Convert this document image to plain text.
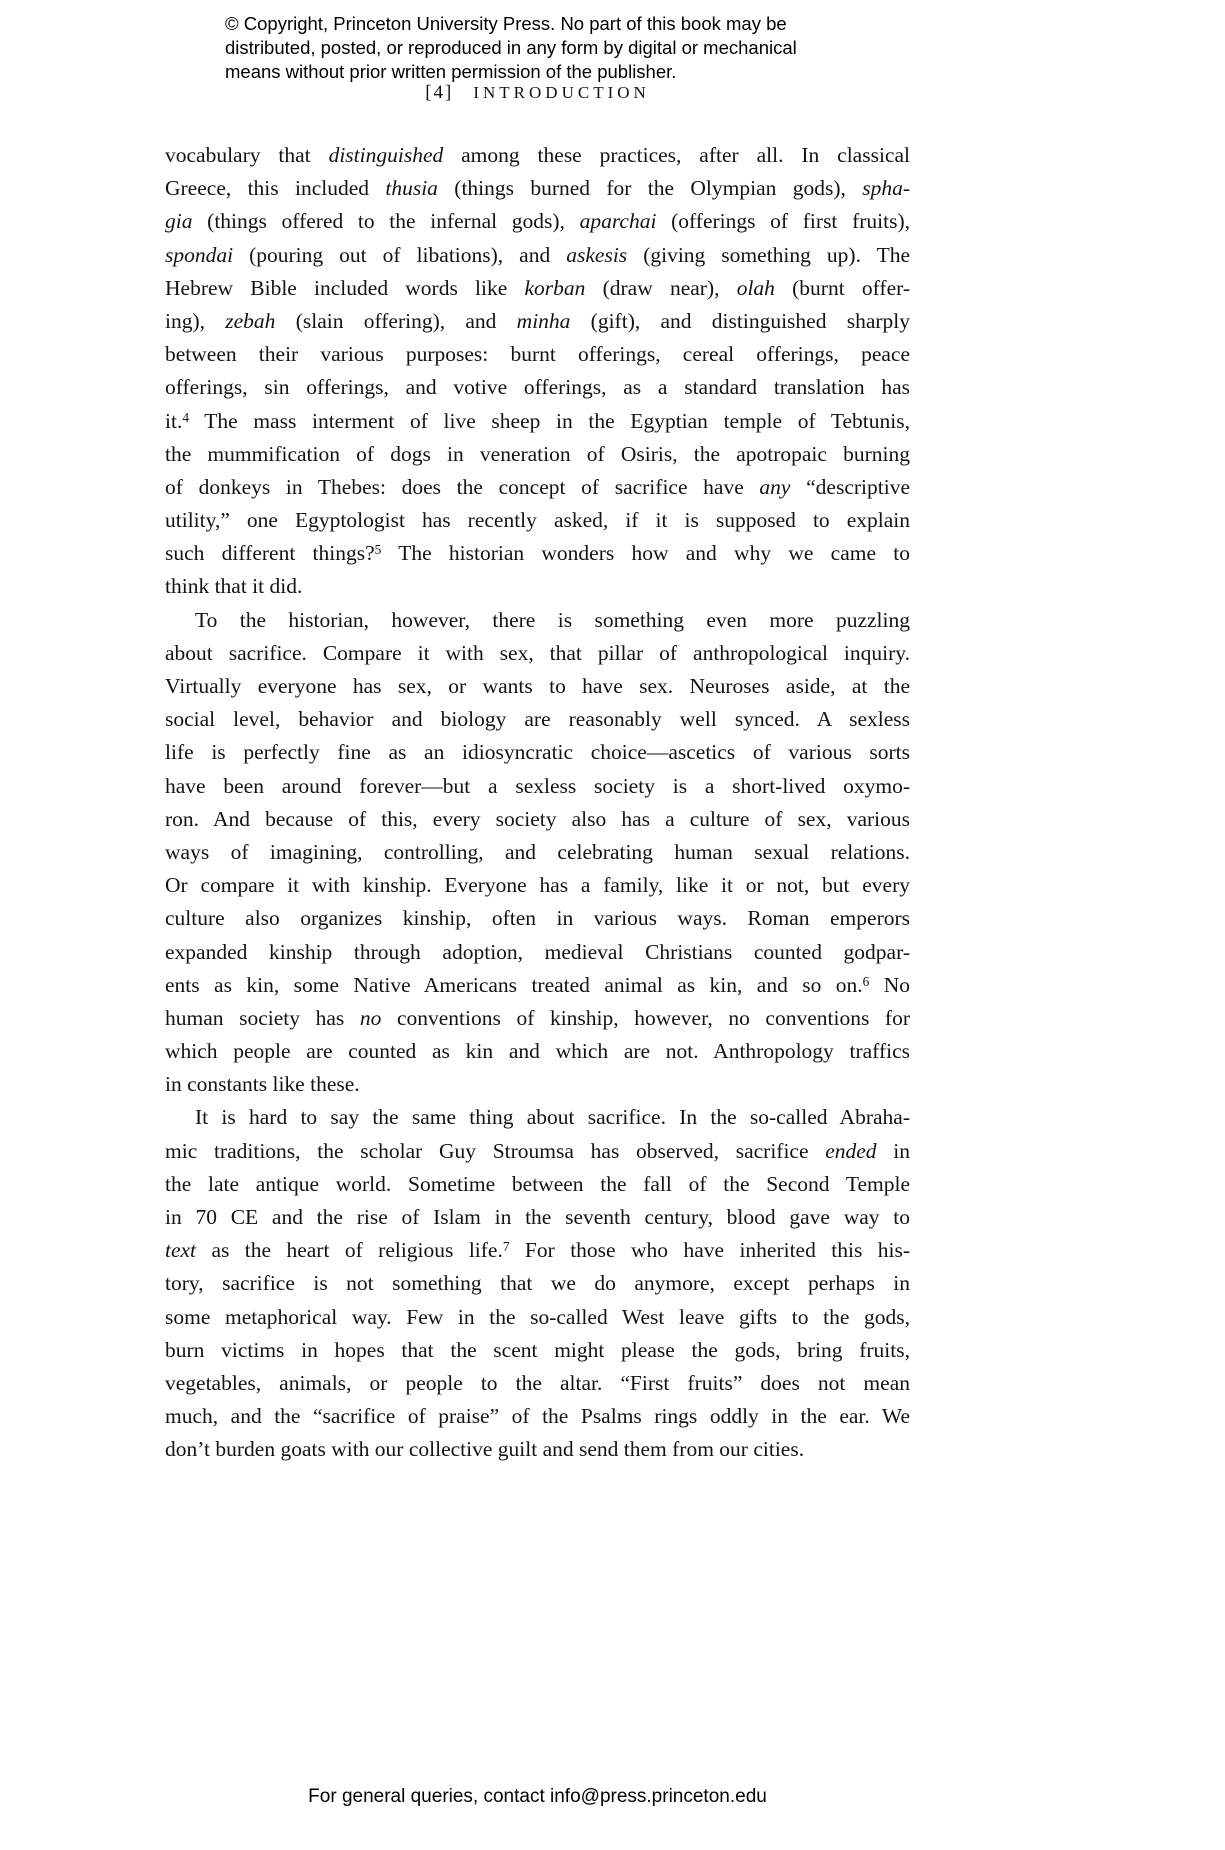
© Copyright, Princeton University Press. No part of this book may be
distributed, posted, or reproduced in any form by digital or mechanical
means without prior written permission of the publisher.
[4] INTRODUCTION
vocabulary that distinguished among these practices, after all. In classical
Greece, this included thusia (things burned for the Olympian gods), spha-
gia (things offered to the infernal gods), aparchai (offerings of first fruits),
spondai (pouring out of libations), and askesis (giving something up). The
Hebrew Bible included words like korban (draw near), olah (burnt offer-
ing), zebah (slain offering), and minha (gift), and distinguished sharply
between their various purposes: burnt offerings, cereal offerings, peace
offerings, sin offerings, and votive offerings, as a standard translation has
it.$^4$ The mass interment of live sheep in the Egyptian temple of Tebtunis,
the mummification of dogs in veneration of Osiris, the apotropaic burning
of donkeys in Thebes: does the concept of sacrifice have any “descriptive
utility,” one Egyptologist has recently asked, if it is supposed to explain
such different things?$^5$ The historian wonders how and why we came to
think that it did.
To the historian, however, there is something even more puzzling
about sacrifice. Compare it with sex, that pillar of anthropological inquiry.
Virtually everyone has sex, or wants to have sex. Neuroses aside, at the
social level, behavior and biology are reasonably well synced. A sexless
life is perfectly fine as an idiosyncratic choice—ascetics of various sorts
have been around forever—but a sexless society is a short-lived oxymo-
ron. And because of this, every society also has a culture of sex, various
ways of imagining, controlling, and celebrating human sexual relations.
Or compare it with kinship. Everyone has a family, like it or not, but every
culture also organizes kinship, often in various ways. Roman emperors
expanded kinship through adoption, medieval Christians counted godpar-
ents as kin, some Native Americans treated animal as kin, and so on.$^6$ No
human society has no conventions of kinship, however, no conventions for
which people are counted as kin and which are not. Anthropology traffics
in constants like these.
It is hard to say the same thing about sacrifice. In the so-called Abraha-
mic traditions, the scholar Guy Stroumsa has observed, sacrifice ended in
the late antique world. Sometime between the fall of the Second Temple
in 70 CE and the rise of Islam in the seventh century, blood gave way to
text as the heart of religious life.$^7$ For those who have inherited this his-
tory, sacrifice is not something that we do anymore, except perhaps in
some metaphorical way. Few in the so-called West leave gifts to the gods,
burn victims in hopes that the scent might please the gods, bring fruits,
vegetables, animals, or people to the altar. “First fruits” does not mean
much, and the “sacrifice of praise” of the Psalms rings oddly in the ear. We
don’t burden goats with our collective guilt and send them from our cities.
For general queries, contact info@press.princeton.edu
